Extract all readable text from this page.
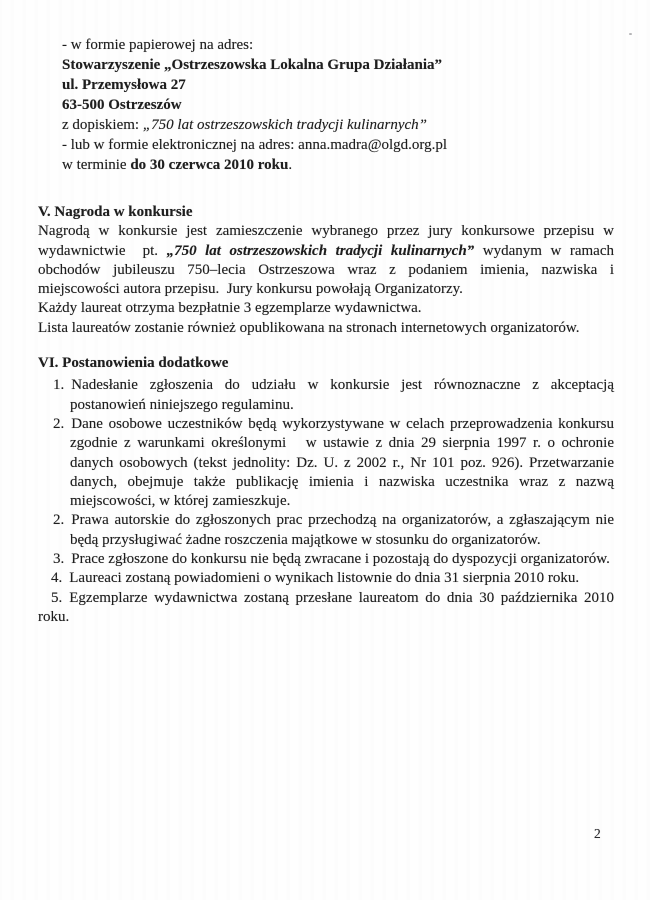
- w formie papierowej na adres:
Stowarzyszenie „Ostrzeszowska Lokalna Grupa Działania”
ul. Przemysłowa 27
63-500 Ostrzeszów
z dopiskiem: „750 lat ostrzeszowskich tradycji kulinarnych”
- lub w formie elektronicznej na adres: anna.madra@olgd.org.pl
w terminie do 30 czerwca 2010 roku.
V. Nagroda w konkursie

Nagrodą w konkursie jest zamieszczenie wybranego przez jury konkursowe przepisu w wydawnictwie  pt. „750 lat ostrzeszowskich tradycji kulinarnych” wydanym w ramach obchodów jubileuszu 750–lecia Ostrzeszowa wraz z podaniem imienia, nazwiska i miejscowości autora przepisu.  Jury konkursu powołają Organizatorzy.

Każdy laureat otrzyma bezpłatnie 3 egzemplarze wydawnictwa.
Lista laureatów zostanie również opublikowana na stronach internetowych organizatorów.
VI. Postanowienia dodatkowe
1. Nadesłanie zgłoszenia do udziału w konkursie jest równoznaczne z akceptacją postanowień niniejszego regulaminu.
2. Dane osobowe uczestników będą wykorzystywane w celach przeprowadzenia konkursu zgodnie z warunkami określonymi   w ustawie z dnia 29 sierpnia 1997 r. o ochronie danych osobowych (tekst jednolity: Dz. U. z 2002 r., Nr 101 poz. 926). Przetwarzanie danych, obejmuje także publikację imienia i nazwiska uczestnika wraz z nazwą miejscowości, w której zamieszkuje.
2. Prawa autorskie do zgłoszonych prac przechodzą na organizatorów, a zgłaszającym nie będą przysługiwać żadne roszczenia majątkowe w stosunku do organizatorów.
3. Prace zgłoszone do konkursu nie będą zwracane i pozostają do dyspozycji organizatorów.
4. Laureaci zostaną powiadomieni o wynikach listownie do dnia 31 sierpnia 2010 roku.
5. Egzemplarze wydawnictwa zostaną przesłane laureatom do dnia 30 października 2010 roku.
2
